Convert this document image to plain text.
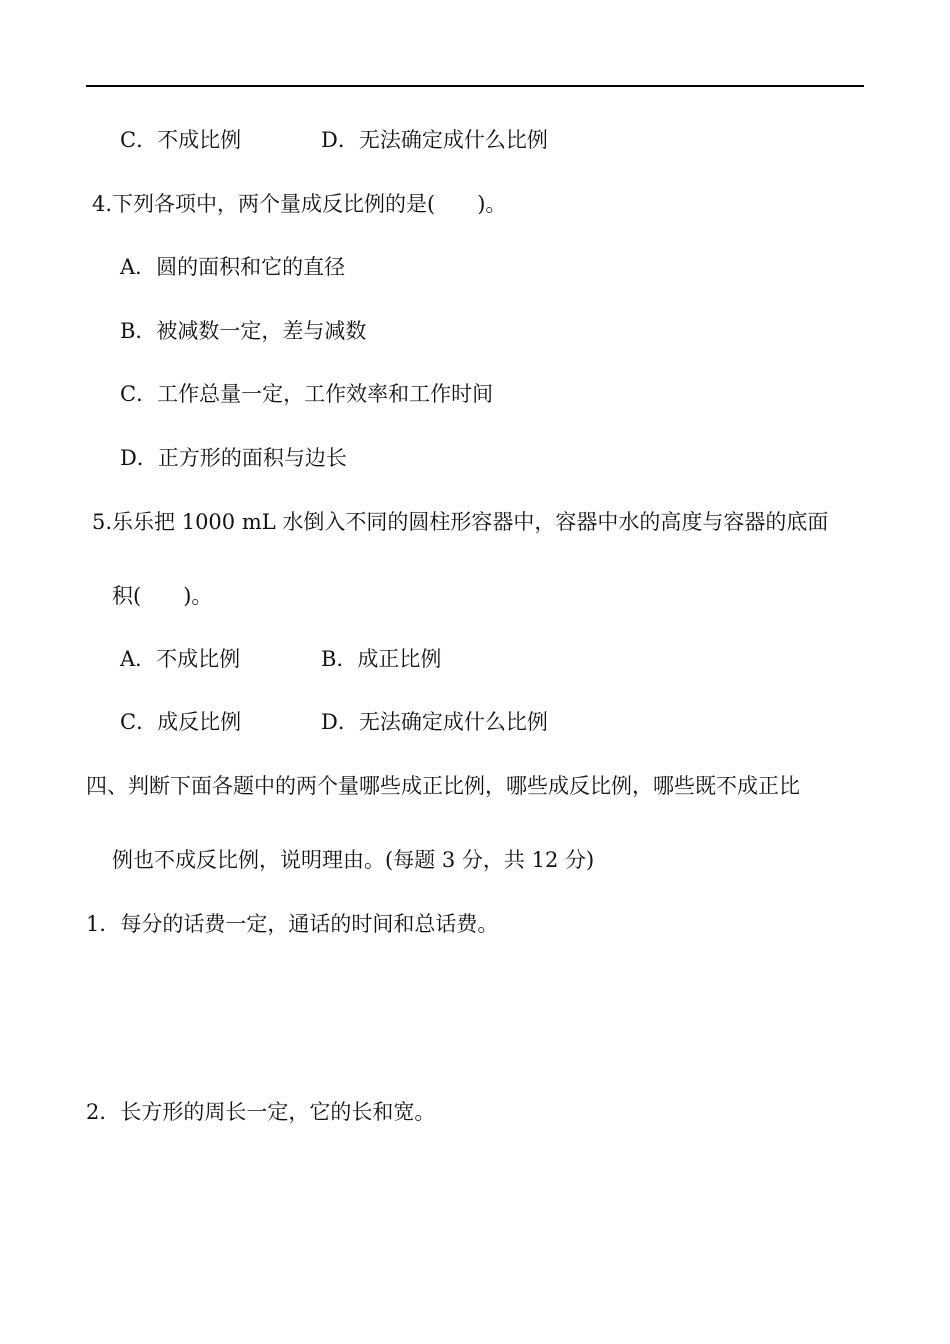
C．不成比例	D．无法确定成什么比例
4.下列各项中，两个量成反比例的是(　　)。
A．圆的面积和它的直径
B．被减数一定，差与减数
C．工作总量一定，工作效率和工作时间
D．正方形的面积与边长
5.乐乐把 1000 mL 水倒入不同的圆柱形容器中，容器中水的高度与容器的底面
积(　　)。
A．不成比例	B．成正比例
C．成反比例	D．无法确定成什么比例
四、判断下面各题中的两个量哪些成正比例，哪些成反比例，哪些既不成正比
例也不成反比例，说明理由。(每题 3 分，共 12 分)
1．每分的话费一定，通话的时间和总话费。
2．长方形的周长一定，它的长和宽。
